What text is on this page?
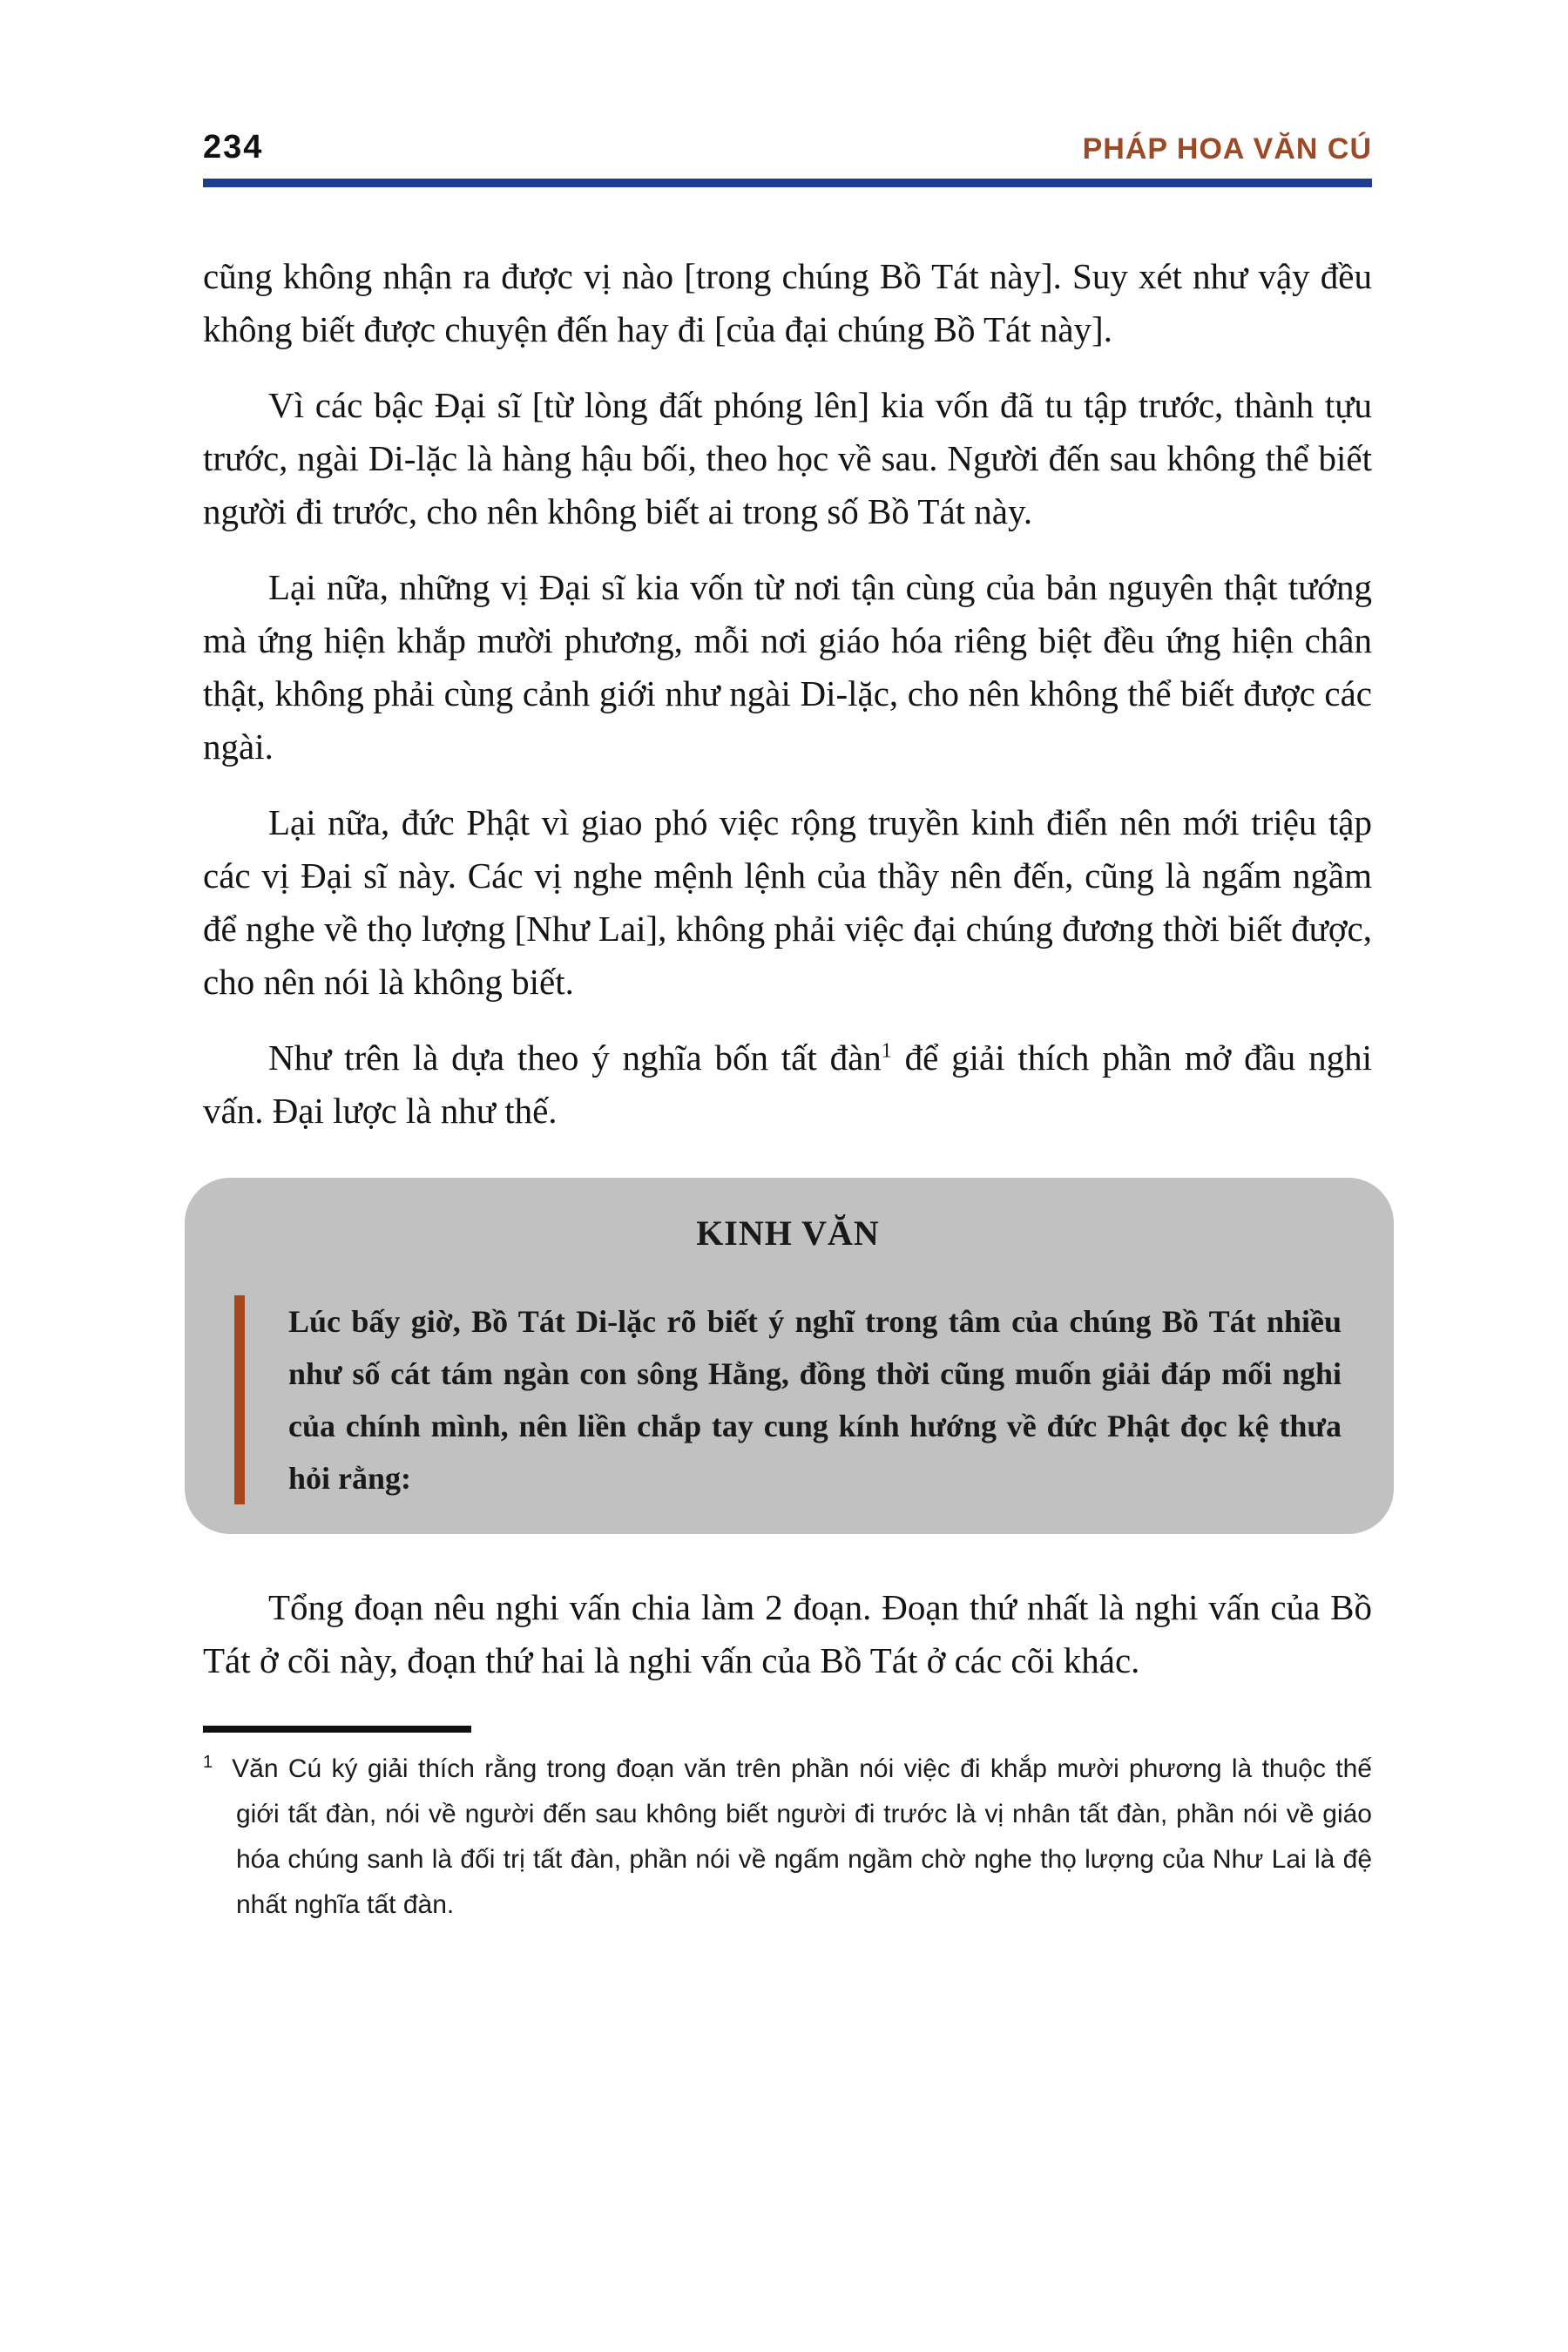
234	PHÁP HOA VĂN CÚ

cũng không nhận ra được vị nào [trong chúng Bồ Tát này]. Suy xét như vậy đều không biết được chuyện đến hay đi [của đại chúng Bồ Tát này].

Vì các bậc Đại sĩ [từ lòng đất phóng lên] kia vốn đã tu tập trước, thành tựu trước, ngài Di-lặc là hàng hậu bối, theo học về sau. Người đến sau không thể biết người đi trước, cho nên không biết ai trong số Bồ Tát này.

Lại nữa, những vị Đại sĩ kia vốn từ nơi tận cùng của bản nguyên thật tướng mà ứng hiện khắp mười phương, mỗi nơi giáo hóa riêng biệt đều ứng hiện chân thật, không phải cùng cảnh giới như ngài Di-lặc, cho nên không thể biết được các ngài.

Lại nữa, đức Phật vì giao phó việc rộng truyền kinh điển nên mới triệu tập các vị Đại sĩ này. Các vị nghe mệnh lệnh của thầy nên đến, cũng là ngấm ngầm để nghe về thọ lượng [Như Lai], không phải việc đại chúng đương thời biết được, cho nên nói là không biết.

Như trên là dựa theo ý nghĩa bốn tất đàn$^1$ để giải thích phần mở đầu nghi vấn. Đại lược là như thế.

KINH VĂN

Lúc bấy giờ, Bồ Tát Di-lặc rõ biết ý nghĩ trong tâm của chúng Bồ Tát nhiều như số cát tám ngàn con sông Hằng, đồng thời cũng muốn giải đáp mối nghi của chính mình, nên liền chắp tay cung kính hướng về đức Phật đọc kệ thưa hỏi rằng:

Tổng đoạn nêu nghi vấn chia làm 2 đoạn. Đoạn thứ nhất là nghi vấn của Bồ Tát ở cõi này, đoạn thứ hai là nghi vấn của Bồ Tát ở các cõi khác.

$^1$ Văn Cú ký giải thích rằng trong đoạn văn trên phần nói việc đi khắp mười phương là thuộc thế giới tất đàn, nói về người đến sau không biết người đi trước là vị nhân tất đàn, phần nói về giáo hóa chúng sanh là đối trị tất đàn, phần nói về ngấm ngầm chờ nghe thọ lượng của Như Lai là đệ nhất nghĩa tất đàn.
